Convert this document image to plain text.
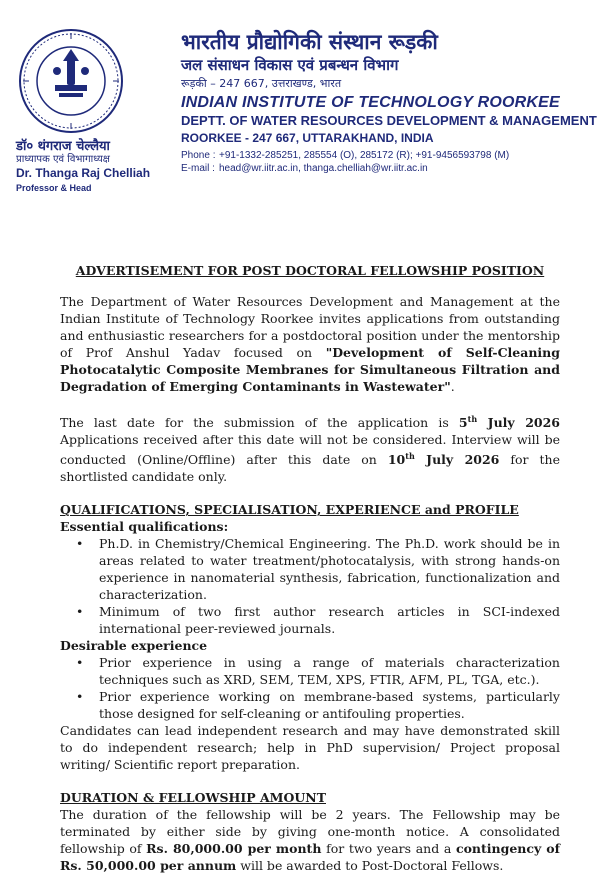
डॉ० थंगराज चेल्लैया
प्राध्यापक एवं विभागाध्यक्ष
Dr. Thanga Raj Chelliah
Professor & Head
भारतीय प्रौद्योगिकी संस्थान रूड़की
जल संसाधन विकास एवं प्रबन्धन विभाग
रूड़की – 247 667, उत्तराखण्ड, भारत
INDIAN INSTITUTE OF TECHNOLOGY ROORKEE
DEPTT. OF WATER RESOURCES DEVELOPMENT & MANAGEMENT
ROORKEE - 247 667, UTTARAKHAND, INDIA
Phone : +91-1332-285251, 285554 (O), 285172 (R); +91-9456593798 (M)
E-mail : head@wr.iitr.ac.in, thanga.chelliah@wr.iitr.ac.in

ADVERTISEMENT FOR POST DOCTORAL FELLOWSHIP POSITION

The Department of Water Resources Development and Management at the Indian Institute of Technology Roorkee invites applications from outstanding and enthusiastic researchers for a postdoctoral position under the mentorship of Prof Anshul Yadav focused on "Development of Self-Cleaning Photocatalytic Composite Membranes for Simultaneous Filtration and Degradation of Emerging Contaminants in Wastewater".

The last date for the submission of the application is 5th July 2026 Applications received after this date will not be considered. Interview will be conducted (Online/Offline) after this date on 10th July 2026 for the shortlisted candidate only.

QUALIFICATIONS, SPECIALISATION, EXPERIENCE and PROFILE

Essential qualifications:

• Ph.D. in Chemistry/Chemical Engineering. The Ph.D. work should be in areas related to water treatment/photocatalysis, with strong hands-on experience in nanomaterial synthesis, fabrication, functionalization and characterization.
• Minimum of two first author research articles in SCI-indexed international peer-reviewed journals.

Desirable experience

• Prior experience in using a range of materials characterization techniques such as XRD, SEM, TEM, XPS, FTIR, AFM, PL, TGA, etc.).
• Prior experience working on membrane-based systems, particularly those designed for self-cleaning or antifouling properties.

Candidates can lead independent research and may have demonstrated skill to do independent research; help in PhD supervision/ Project proposal writing/ Scientific report preparation.

DURATION & FELLOWSHIP AMOUNT

The duration of the fellowship will be 2 years. The Fellowship may be terminated by either side by giving one-month notice. A consolidated fellowship of Rs. 80,000.00 per month for two years and a contingency of Rs. 50,000.00 per annum will be awarded to Post-Doctoral Fellows.
